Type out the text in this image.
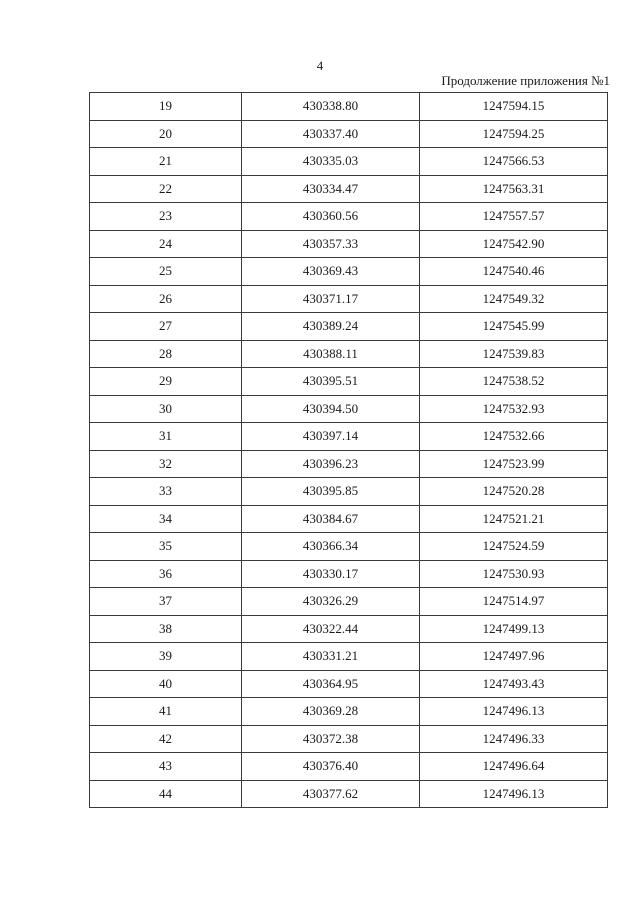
4
Продолжение приложения №1
19	430338.80	1247594.15
20	430337.40	1247594.25
21	430335.03	1247566.53
22	430334.47	1247563.31
23	430360.56	1247557.57
24	430357.33	1247542.90
25	430369.43	1247540.46
26	430371.17	1247549.32
27	430389.24	1247545.99
28	430388.11	1247539.83
29	430395.51	1247538.52
30	430394.50	1247532.93
31	430397.14	1247532.66
32	430396.23	1247523.99
33	430395.85	1247520.28
34	430384.67	1247521.21
35	430366.34	1247524.59
36	430330.17	1247530.93
37	430326.29	1247514.97
38	430322.44	1247499.13
39	430331.21	1247497.96
40	430364.95	1247493.43
41	430369.28	1247496.13
42	430372.38	1247496.33
43	430376.40	1247496.64
44	430377.62	1247496.13
